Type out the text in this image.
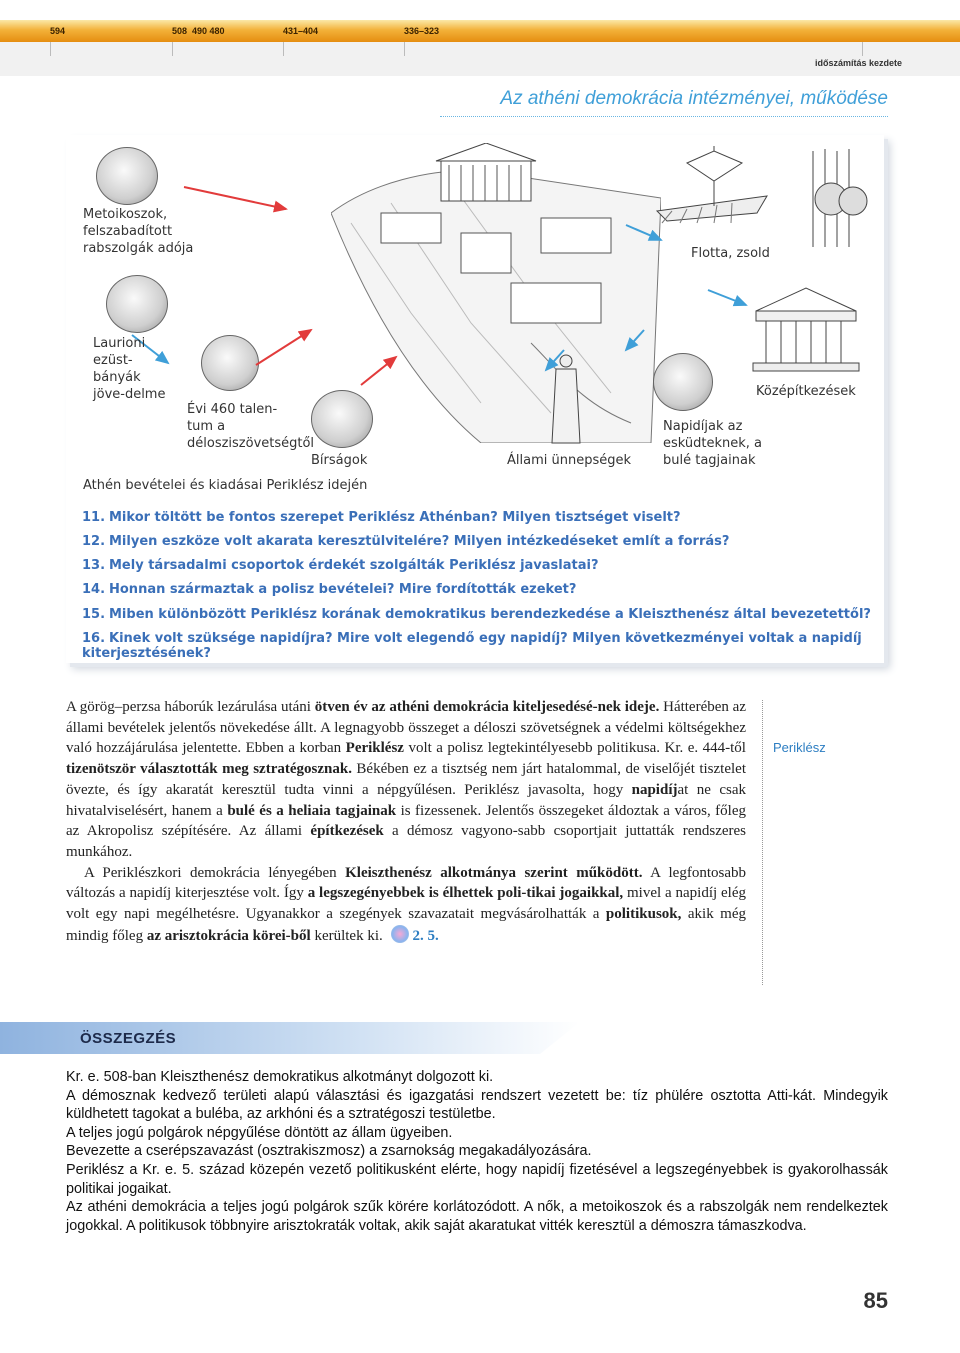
594	508 490 480	431–404	336–323
időszámítás kezdete
Az athéni demokrácia intézményei, működése
Metoikoszok, felszabadított rabszolgák adója	Flotta, zsold
Laurioni ezüst-bányák jöve-delme
Évi 460 talen-tum a délosziszövetségtől
Bírságok	Állami ünnepségek
Napidíjak az esküdteknek, a bulé tagjainak
Középítkezések
Athén bevételei és kiadásai Periklész idején
11. Mikor töltött be fontos szerepet Periklész Athénban? Milyen tisztséget viselt?
12. Milyen eszköze volt akarata keresztülvitelére? Milyen intézkedéseket említ a forrás?
13. Mely társadalmi csoportok érdekét szolgálták Periklész javaslatai?
14. Honnan származtak a polisz bevételei? Mire fordították ezeket?
15. Miben különbözött Periklész korának demokratikus berendezkedése a Kleiszthenész által bevezetettől?
16. Kinek volt szüksége napidíjra? Mire volt elegendő egy napidíj? Milyen következményei voltak a napidíj kiterjesztésének?

A görög–perzsa háborúk lezárulása utáni ötven év az athéni demokrácia kiteljesedésé-nek ideje. Hátterében az állami bevételek jelentős növekedése állt. A legnagyobb összeget a déloszi szövetségnek a védelmi költségekhez való hozzájárulása jelentette. Ebben a korban Periklész volt a polisz legtekintélyesebb politikusa. Kr. e. 444-től tizenötször választották meg sztratégosznak. Békében ez a tisztség nem járt hatalommal, de viselőjét tisztelet övezte, és így akaratát keresztül tudta vinni a népgyűlésen. Periklész javasolta, hogy napidíjat ne csak hivatalviselésért, hanem a bulé és a heliaia tagjainak is fizessenek. Jelentős összegeket áldoztak a város, főleg az Akropolisz szépítésére. Az állami építkezések a démosz vagyono-sabb csoportjait juttatták rendszeres munkához.

A Periklészkori demokrácia lényegében Kleiszthenész alkotmánya szerint működött. A legfontosabb változás a napidíj kiterjesztése volt. Így a legszegényebbek is élhettek poli-tikai jogaikkal, mivel a napidíj elég volt egy napi megélhetésre. Ugyanakkor a szegények szavazatait megvásárolhatták a politikusok, akik még mindig főleg az arisztokrácia körei-ből kerültek ki. 2. 5.

Periklész
ÖSSZEGZÉS

Kr. e. 508-ban Kleiszthenész demokratikus alkotmányt dolgozott ki.

A démosznak kedvező területi alapú választási és igazgatási rendszert vezetett be: tíz phülére osztotta Atti-kát. Mindegyik küldhetett tagokat a buléba, az arkhóni és a sztratégoszi testületbe.

A teljes jogú polgárok népgyűlése döntött az állam ügyeiben.

Bevezette a cserépszavazást (osztrakiszmosz) a zsarnokság megakadályozására.

Periklész a Kr. e. 5. század közepén vezető politikusként elérte, hogy napidíj fizetésével a legszegényebbek is gyakorolhassák politikai jogaikat.

Az athéni demokrácia a teljes jogú polgárok szűk körére korlátozódott. A nők, a metoikoszok és a rabszolgák nem rendelkeztek jogokkal. A politikusok többnyire arisztokraták voltak, akik saját akaratukat vitték keresztül a démoszra támaszkodva.

85
